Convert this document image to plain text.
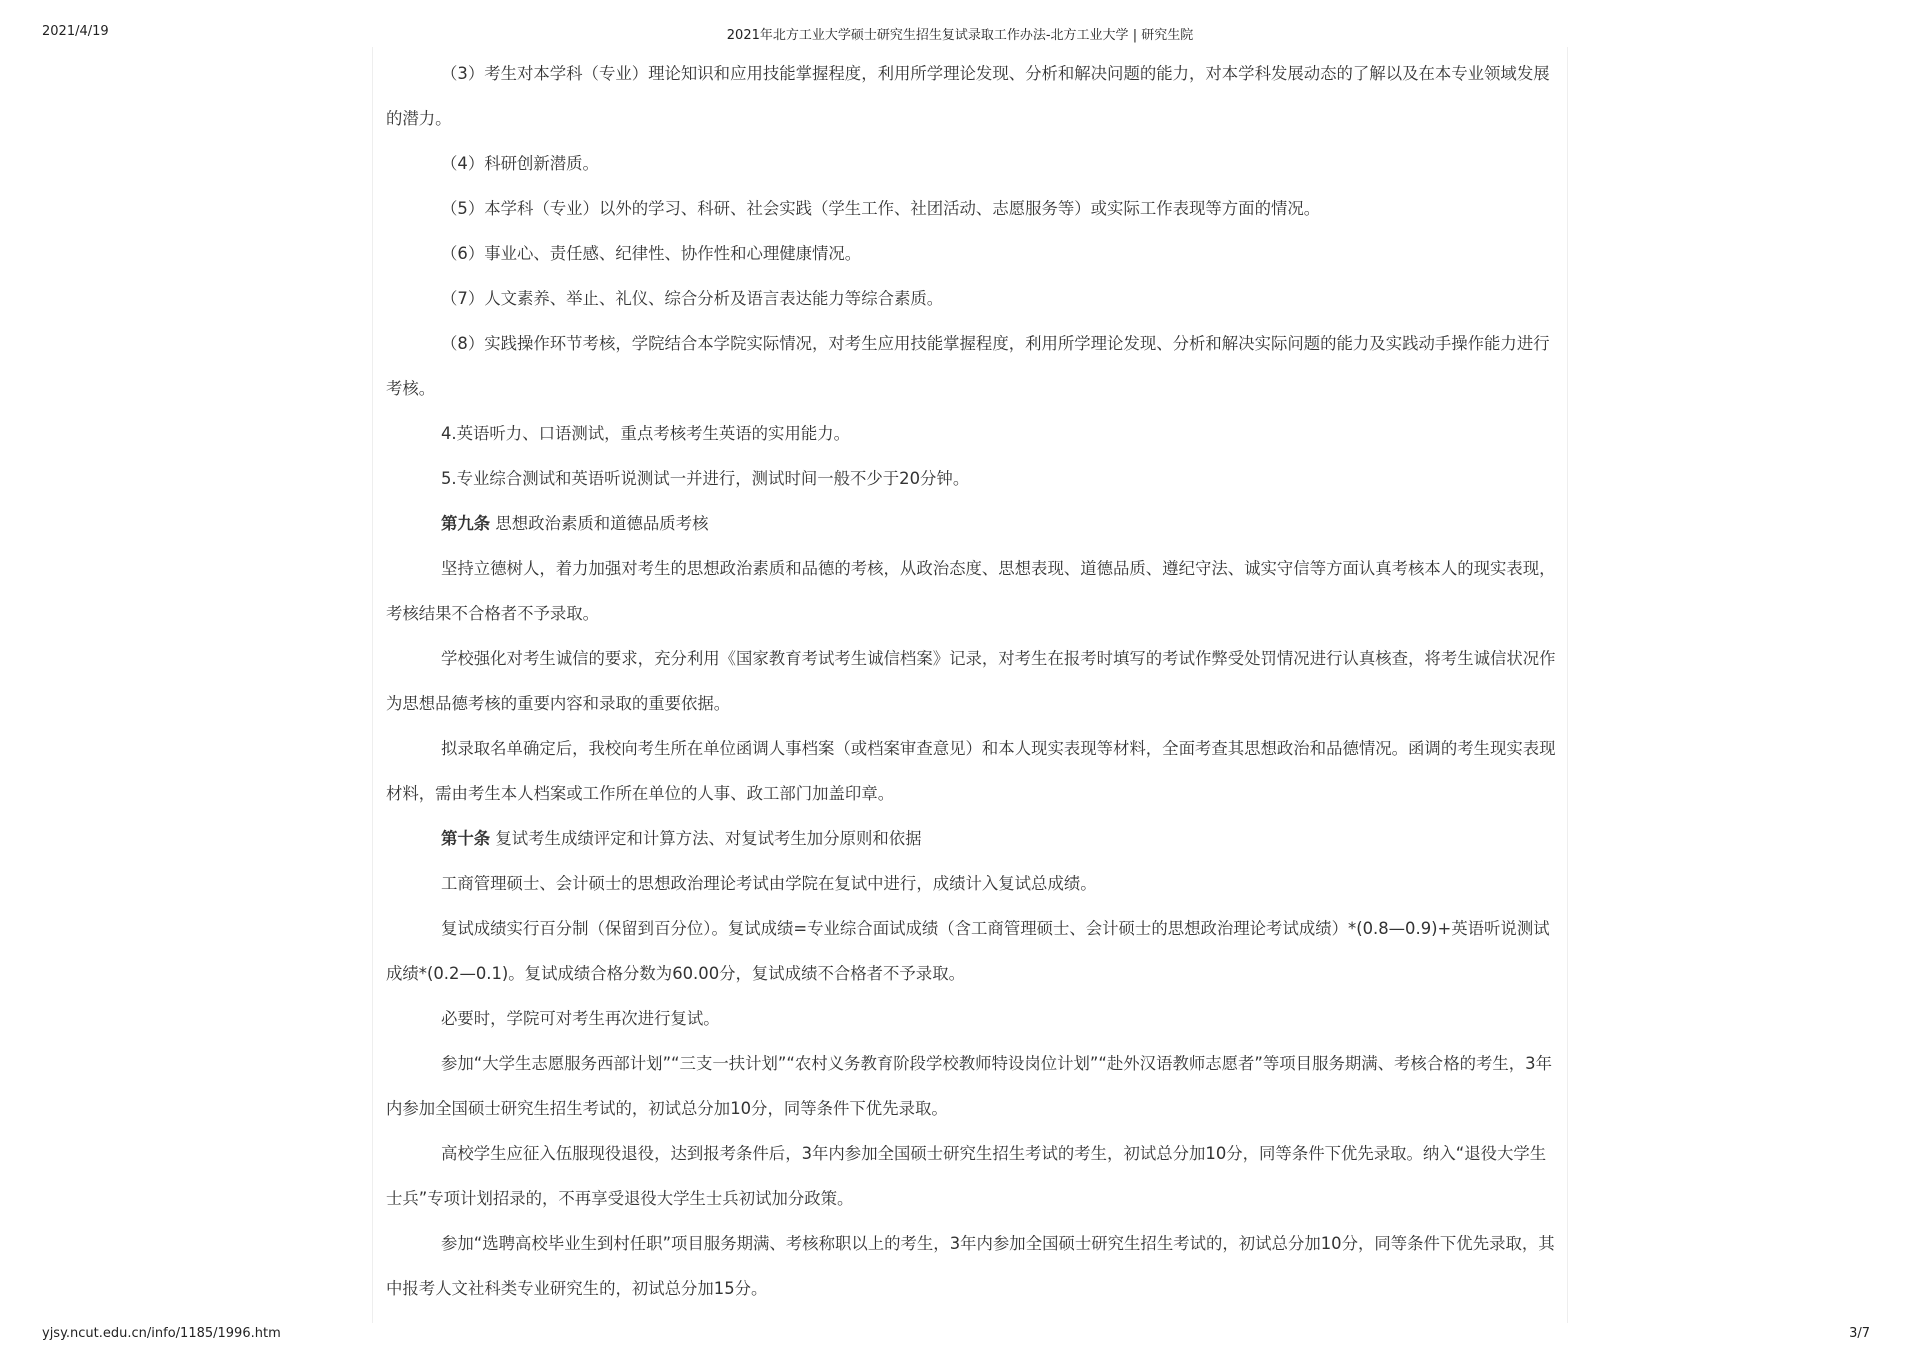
2021/4/19	2021年北方工业大学硕士研究生招生复试录取工作办法-北方工业大学 | 研究生院

（3）考生对本学科（专业）理论知识和应用技能掌握程度，利用所学理论发现、分析和解决问题的能力，对本学科发展动态的了解以及在本专业领域发展的潜力。

（4）科研创新潜质。

（5）本学科（专业）以外的学习、科研、社会实践（学生工作、社团活动、志愿服务等）或实际工作表现等方面的情况。

（6）事业心、责任感、纪律性、协作性和心理健康情况。

（7）人文素养、举止、礼仪、综合分析及语言表达能力等综合素质。

（8）实践操作环节考核，学院结合本学院实际情况，对考生应用技能掌握程度，利用所学理论发现、分析和解决实际问题的能力及实践动手操作能力进行考核。

4.英语听力、口语测试，重点考核考生英语的实用能力。

5.专业综合测试和英语听说测试一并进行，测试时间一般不少于20分钟。

第九条 思想政治素质和道德品质考核

坚持立德树人，着力加强对考生的思想政治素质和品德的考核，从政治态度、思想表现、道德品质、遵纪守法、诚实守信等方面认真考核本人的现实表现，考核结果不合格者不予录取。

学校强化对考生诚信的要求，充分利用《国家教育考试考生诚信档案》记录，对考生在报考时填写的考试作弊受处罚情况进行认真核查，将考生诚信状况作为思想品德考核的重要内容和录取的重要依据。

拟录取名单确定后，我校向考生所在单位函调人事档案（或档案审查意见）和本人现实表现等材料，全面考查其思想政治和品德情况。函调的考生现实表现材料，需由考生本人档案或工作所在单位的人事、政工部门加盖印章。

第十条 复试考生成绩评定和计算方法、对复试考生加分原则和依据

工商管理硕士、会计硕士的思想政治理论考试由学院在复试中进行，成绩计入复试总成绩。

复试成绩实行百分制（保留到百分位）。复试成绩=专业综合面试成绩（含工商管理硕士、会计硕士的思想政治理论考试成绩）*(0.8—0.9)+英语听说测试成绩*(0.2—0.1)。复试成绩合格分数为60.00分，复试成绩不合格者不予录取。

必要时，学院可对考生再次进行复试。

参加“大学生志愿服务西部计划”“三支一扶计划”“农村义务教育阶段学校教师特设岗位计划”“赴外汉语教师志愿者”等项目服务期满、考核合格的考生，3年内参加全国硕士研究生招生考试的，初试总分加10分，同等条件下优先录取。

高校学生应征入伍服现役退役，达到报考条件后，3年内参加全国硕士研究生招生考试的考生，初试总分加10分，同等条件下优先录取。纳入“退役大学生士兵”专项计划招录的，不再享受退役大学生士兵初试加分政策。

参加“选聘高校毕业生到村任职”项目服务期满、考核称职以上的考生，3年内参加全国硕士研究生招生考试的，初试总分加10分，同等条件下优先录取，其中报考人文社科类专业研究生的，初试总分加15分。

yjsy.ncut.edu.cn/info/1185/1996.htm	3/7
